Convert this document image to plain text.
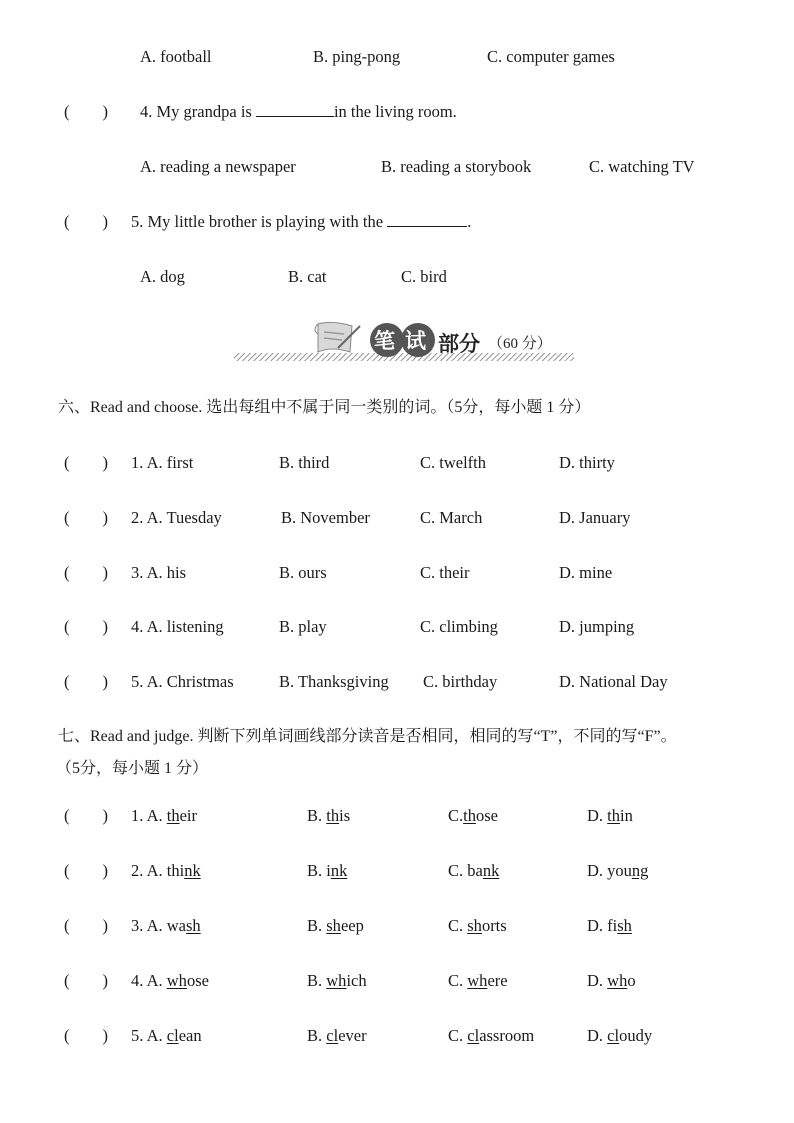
A. football	B. ping-pong	C. computer games
(        ) 4. My grandpa is	in the living room.
A. reading a newspaper	B. reading a storybook	C. watching TV
(        ) 5. My little brother is playing with the	.
A. dog	B. cat	C. bird
笔试 部分 （60 分）
六、Read and choose. 选出每组中不属于同一类别的词。（5分，每小题 1 分）
(        ) 1. A. first	B. third	C. twelfth	D. thirty
(        ) 2. A. Tuesday	B. November	C. March	D. January
(        ) 3. A. his	B. ours	C. their	D. mine
(        ) 4. A. listening	B. play	C. climbing	D. jumping
(        ) 5. A. Christmas	B. Thanksgiving C. birthday	D. National Day
七、Read and judge. 判断下列单词画线部分读音是否相同，相同的写“T”，不同的写“F”。
（5分，每小题 1 分）
(        ) 1. A. their	B. this	C.those	D. thin
(        ) 2. A. think	B. ink	C. bank	D. young
(        ) 3. A. wash	B. sheep	C. shorts	D. fish
(        ) 4. A. whose	B. which	C. where	D. who
(        ) 5. A. clean	B. clever	C. classroom	D. cloudy
